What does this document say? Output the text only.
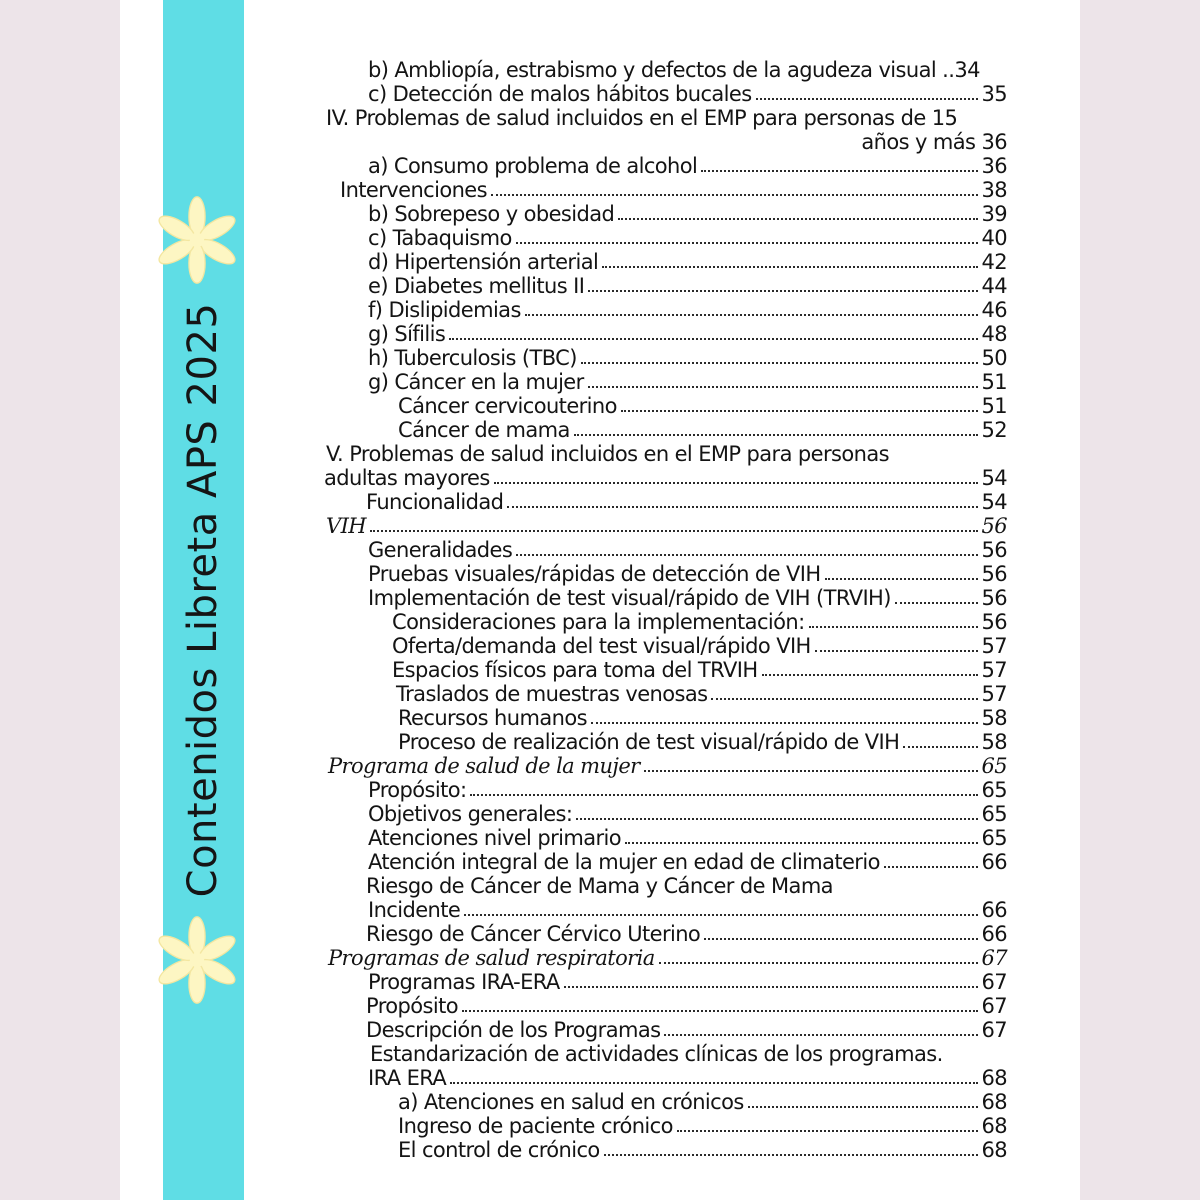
Contenidos Libreta APS 2025
b) Ambliopía, estrabismo y defectos de la agudeza visual .. 34
c) Detección de malos hábitos bucales	35
IV. Problemas de salud incluidos en el EMP para personas de 15
años y más 36
a) Consumo problema de alcohol	36
Intervenciones	38
b) Sobrepeso y obesidad	39
c) Tabaquismo	40
d) Hipertensión arterial	42
e) Diabetes mellitus II	44
f) Dislipidemias	46
g) Sífilis	48
h) Tuberculosis (TBC)	50
g) Cáncer en la mujer	51
Cáncer cervicouterino	51
Cáncer de mama	52
V. Problemas de salud incluidos en el EMP para personas
adultas mayores	54
Funcionalidad	54
VIH	56
Generalidades	56
Pruebas visuales/rápidas de detección de VIH	56
Implementación de test visual/rápido de VIH (TRVIH)	56
Consideraciones para la implementación:	56
Oferta/demanda del test visual/rápido VIH	57
Espacios físicos para toma del TRVIH	57
Traslados de muestras venosas	57
Recursos humanos	58
Proceso de realización de test visual/rápido de VIH	58
Programa de salud de la mujer	65
Propósito:	65
Objetivos generales:	65
Atenciones nivel primario	65
Atención integral de la mujer en edad de climaterio	66
Riesgo de Cáncer de Mama y Cáncer de Mama
Incidente	66
Riesgo de Cáncer Cérvico Uterino	66
Programas de salud respiratoria	67
Programas IRA-ERA	67
Propósito	67
Descripción de los Programas	67
Estandarización de actividades clínicas de los programas.
IRA ERA	68
a) Atenciones en salud en crónicos	68
Ingreso de paciente crónico	68
El control de crónico	68
